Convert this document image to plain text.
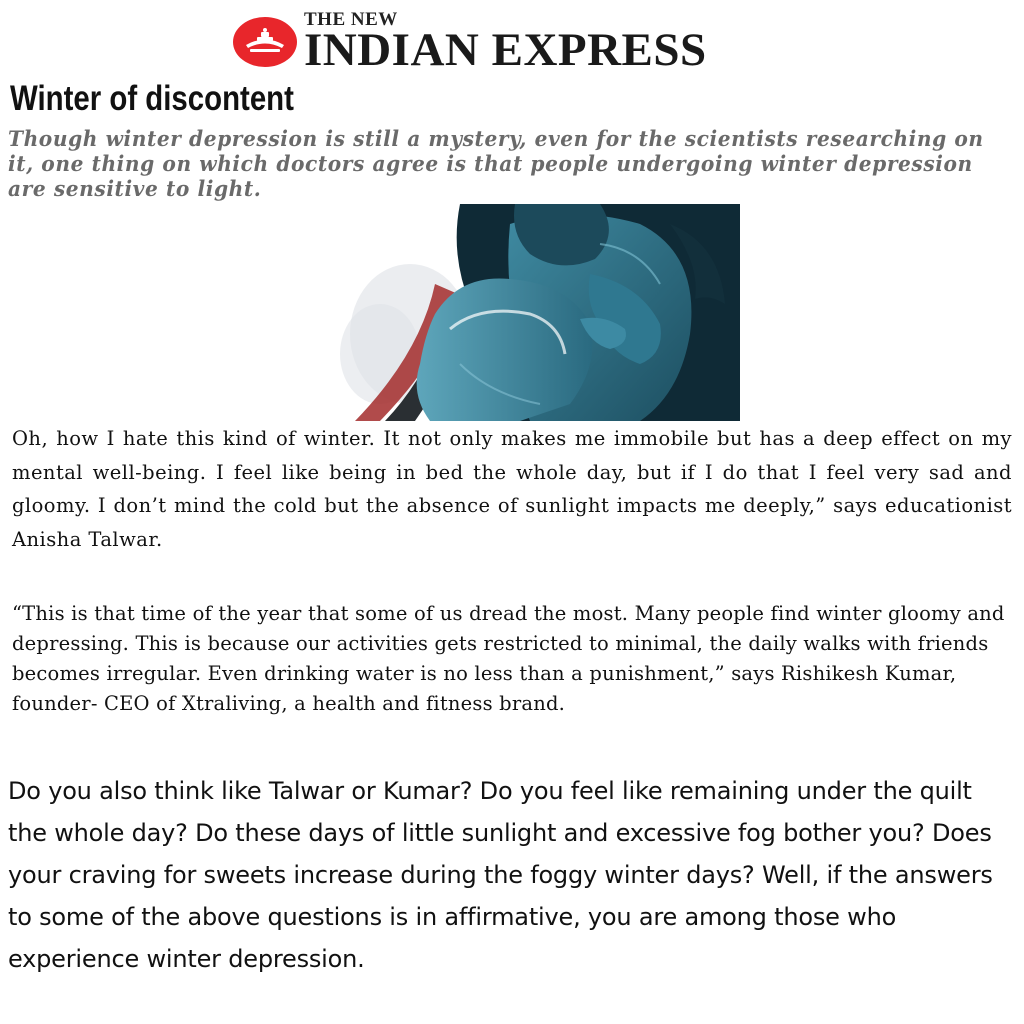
THE NEW
INDIAN EXPRESS
Winter of discontent

Though winter depression is still a mystery, even for the scientists researching on it, one thing on which doctors agree is that people undergoing winter depression are sensitive to light.

Oh, how I hate this kind of winter. It not only makes me immobile but has a deep effect on my mental well-being. I feel like being in bed the whole day, but if I do that I feel very sad and gloomy. I don’t mind the cold but the absence of sunlight impacts me deeply,” says educationist Anisha Talwar.

“This is that time of the year that some of us dread the most. Many people find winter gloomy and depressing. This is because our activities gets restricted to minimal, the daily walks with friends becomes irregular. Even drinking water is no less than a punishment,” says Rishikesh Kumar, founder- CEO of Xtraliving, a health and fitness brand.

Do you also think like Talwar or Kumar? Do you feel like remaining under the quilt the whole day? Do these days of little sunlight and excessive fog bother you? Does your craving for sweets increase during the foggy winter days? Well, if the answers to some of the above questions is in affirmative, you are among those who experience winter depression.
